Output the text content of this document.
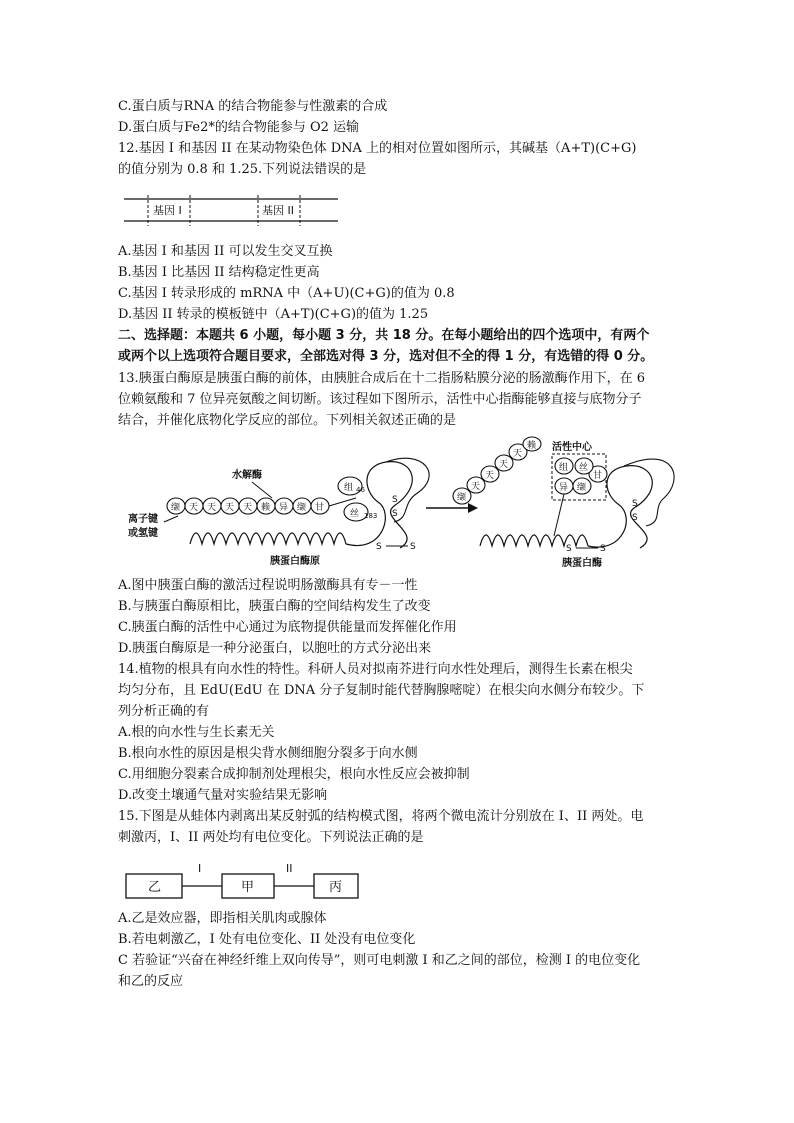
C.蛋白质与RNA 的结合物能参与性激素的合成
D.蛋白质与Fe2*的结合物能参与 O2 运输
12.基因 I 和基因 II 在某动物染色体 DNA 上的相对位置如图所示，其碱基（A+T)(C+G)
的值分别为 0.8 和 1.25.下列说法错误的是
基因 I	基因 II
A.基因 I 和基因 II 可以发生交叉互换
B.基因 I 比基因 II 结构稳定性更高
C.基因 I 转录形成的 mRNA 中（A+U)(C+G)的值为 0.8
D.基因 II 转录的模板链中（A+T)(C+G)的值为 1.25
二、选择题：本题共 6 小题，每小题 3 分，共 18 分。在每小题给出的四个选项中，有两个
或两个以上选项符合题目要求，全部选对得 3 分，选对但不全的得 1 分，有选错的得 0 分。
13.胰蛋白酶原是胰蛋白酶的前体，由胰脏合成后在十二指肠粘膜分泌的肠激酶作用下，在 6
位赖氨酸和 7 位异亮氨酸之间切断。该过程如下图所示，活性中心指酶能够直接与底物分子
结合，并催化底物化学反应的部位。下列相关叙述正确的是
S
S
S	S
缬 天 天 天 天 赖 异 缬 甘
组 46
丝 183
水解酶
离子键
或氢键
胰蛋白酶原
缬
天
天
天
天
赖
S
S
S	S
活性中心
组
异 缬
甘
丝
胰蛋白酶
A.图中胰蛋白酶的激活过程说明肠激酶具有专－一性
B.与胰蛋白酶原相比，胰蛋白酶的空间结构发生了改变
C.胰蛋白酶的活性中心通过为底物提供能量而发挥催化作用
D.胰蛋白酶原是一种分泌蛋白，以胞吐的方式分泌出来
14.植物的根具有向水性的特性。科研人员对拟南芥进行向水性处理后，测得生长素在根尖
均匀分布，且 EdU(EdU 在 DNA 分子复制时能代替胸腺嘧啶）在根尖向水侧分布较少。下
列分析正确的有
A.根的向水性与生长素无关
B.根向水性的原因是根尖背水侧细胞分裂多于向水侧
C.用细胞分裂素合成抑制剂处理根尖，根向水性反应会被抑制
D.改变土壤通气量对实验结果无影响
15.下图是从蛙体内剥离出某反射弧的结构模式图，将两个微电流计分别放在 I、II 两处。电
刺激丙，I、II 两处均有电位变化。下列说法正确的是
乙	甲	丙
I	II
A.乙是效应器，即指相关肌肉或腺体
B.若电刺激乙，I 处有电位变化、II 处没有电位变化
C 若验证“兴奋在神经纤维上双向传导”，则可电刺激 I 和乙之间的部位，检测 I 的电位变化
和乙的反应
